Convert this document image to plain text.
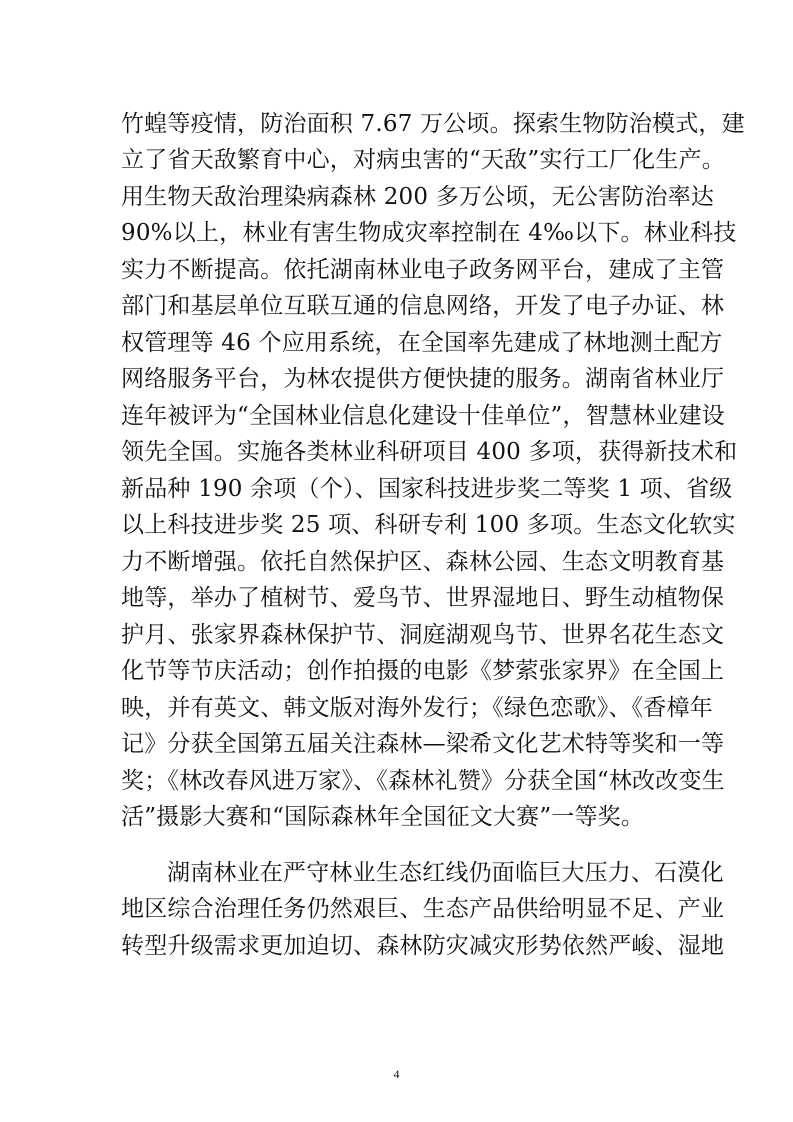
竹蝗等疫情，防治面积 7.67 万公顷。探索生物防治模式，建
立了省天敌繁育中心，对病虫害的“天敌”实行工厂化生产。
用生物天敌治理染病森林 200 多万公顷，无公害防治率达
90%以上，林业有害生物成灾率控制在 4‰以下。林业科技
实力不断提高。依托湖南林业电子政务网平台，建成了主管
部门和基层单位互联互通的信息网络，开发了电子办证、林
权管理等 46 个应用系统，在全国率先建成了林地测土配方
网络服务平台，为林农提供方便快捷的服务。湖南省林业厅
连年被评为“全国林业信息化建设十佳单位”，智慧林业建设
领先全国。实施各类林业科研项目 400 多项，获得新技术和
新品种 190 余项（个）、国家科技进步奖二等奖 1 项、省级
以上科技进步奖 25 项、科研专利 100 多项。生态文化软实
力不断增强。依托自然保护区、森林公园、生态文明教育基
地等，举办了植树节、爱鸟节、世界湿地日、野生动植物保
护月、张家界森林保护节、洞庭湖观鸟节、世界名花生态文
化节等节庆活动；创作拍摄的电影《梦萦张家界》在全国上
映，并有英文、韩文版对海外发行；《绿色恋歌》、《香樟年
记》分获全国第五届关注森林—梁希文化艺术特等奖和一等
奖；《林改春风进万家》、《森林礼赞》分获全国“林改改变生
活”摄影大赛和“国际森林年全国征文大赛”一等奖。
湖南林业在严守林业生态红线仍面临巨大压力、石漠化
地区综合治理任务仍然艰巨、生态产品供给明显不足、产业
转型升级需求更加迫切、森林防灾减灾形势依然严峻、湿地
4
